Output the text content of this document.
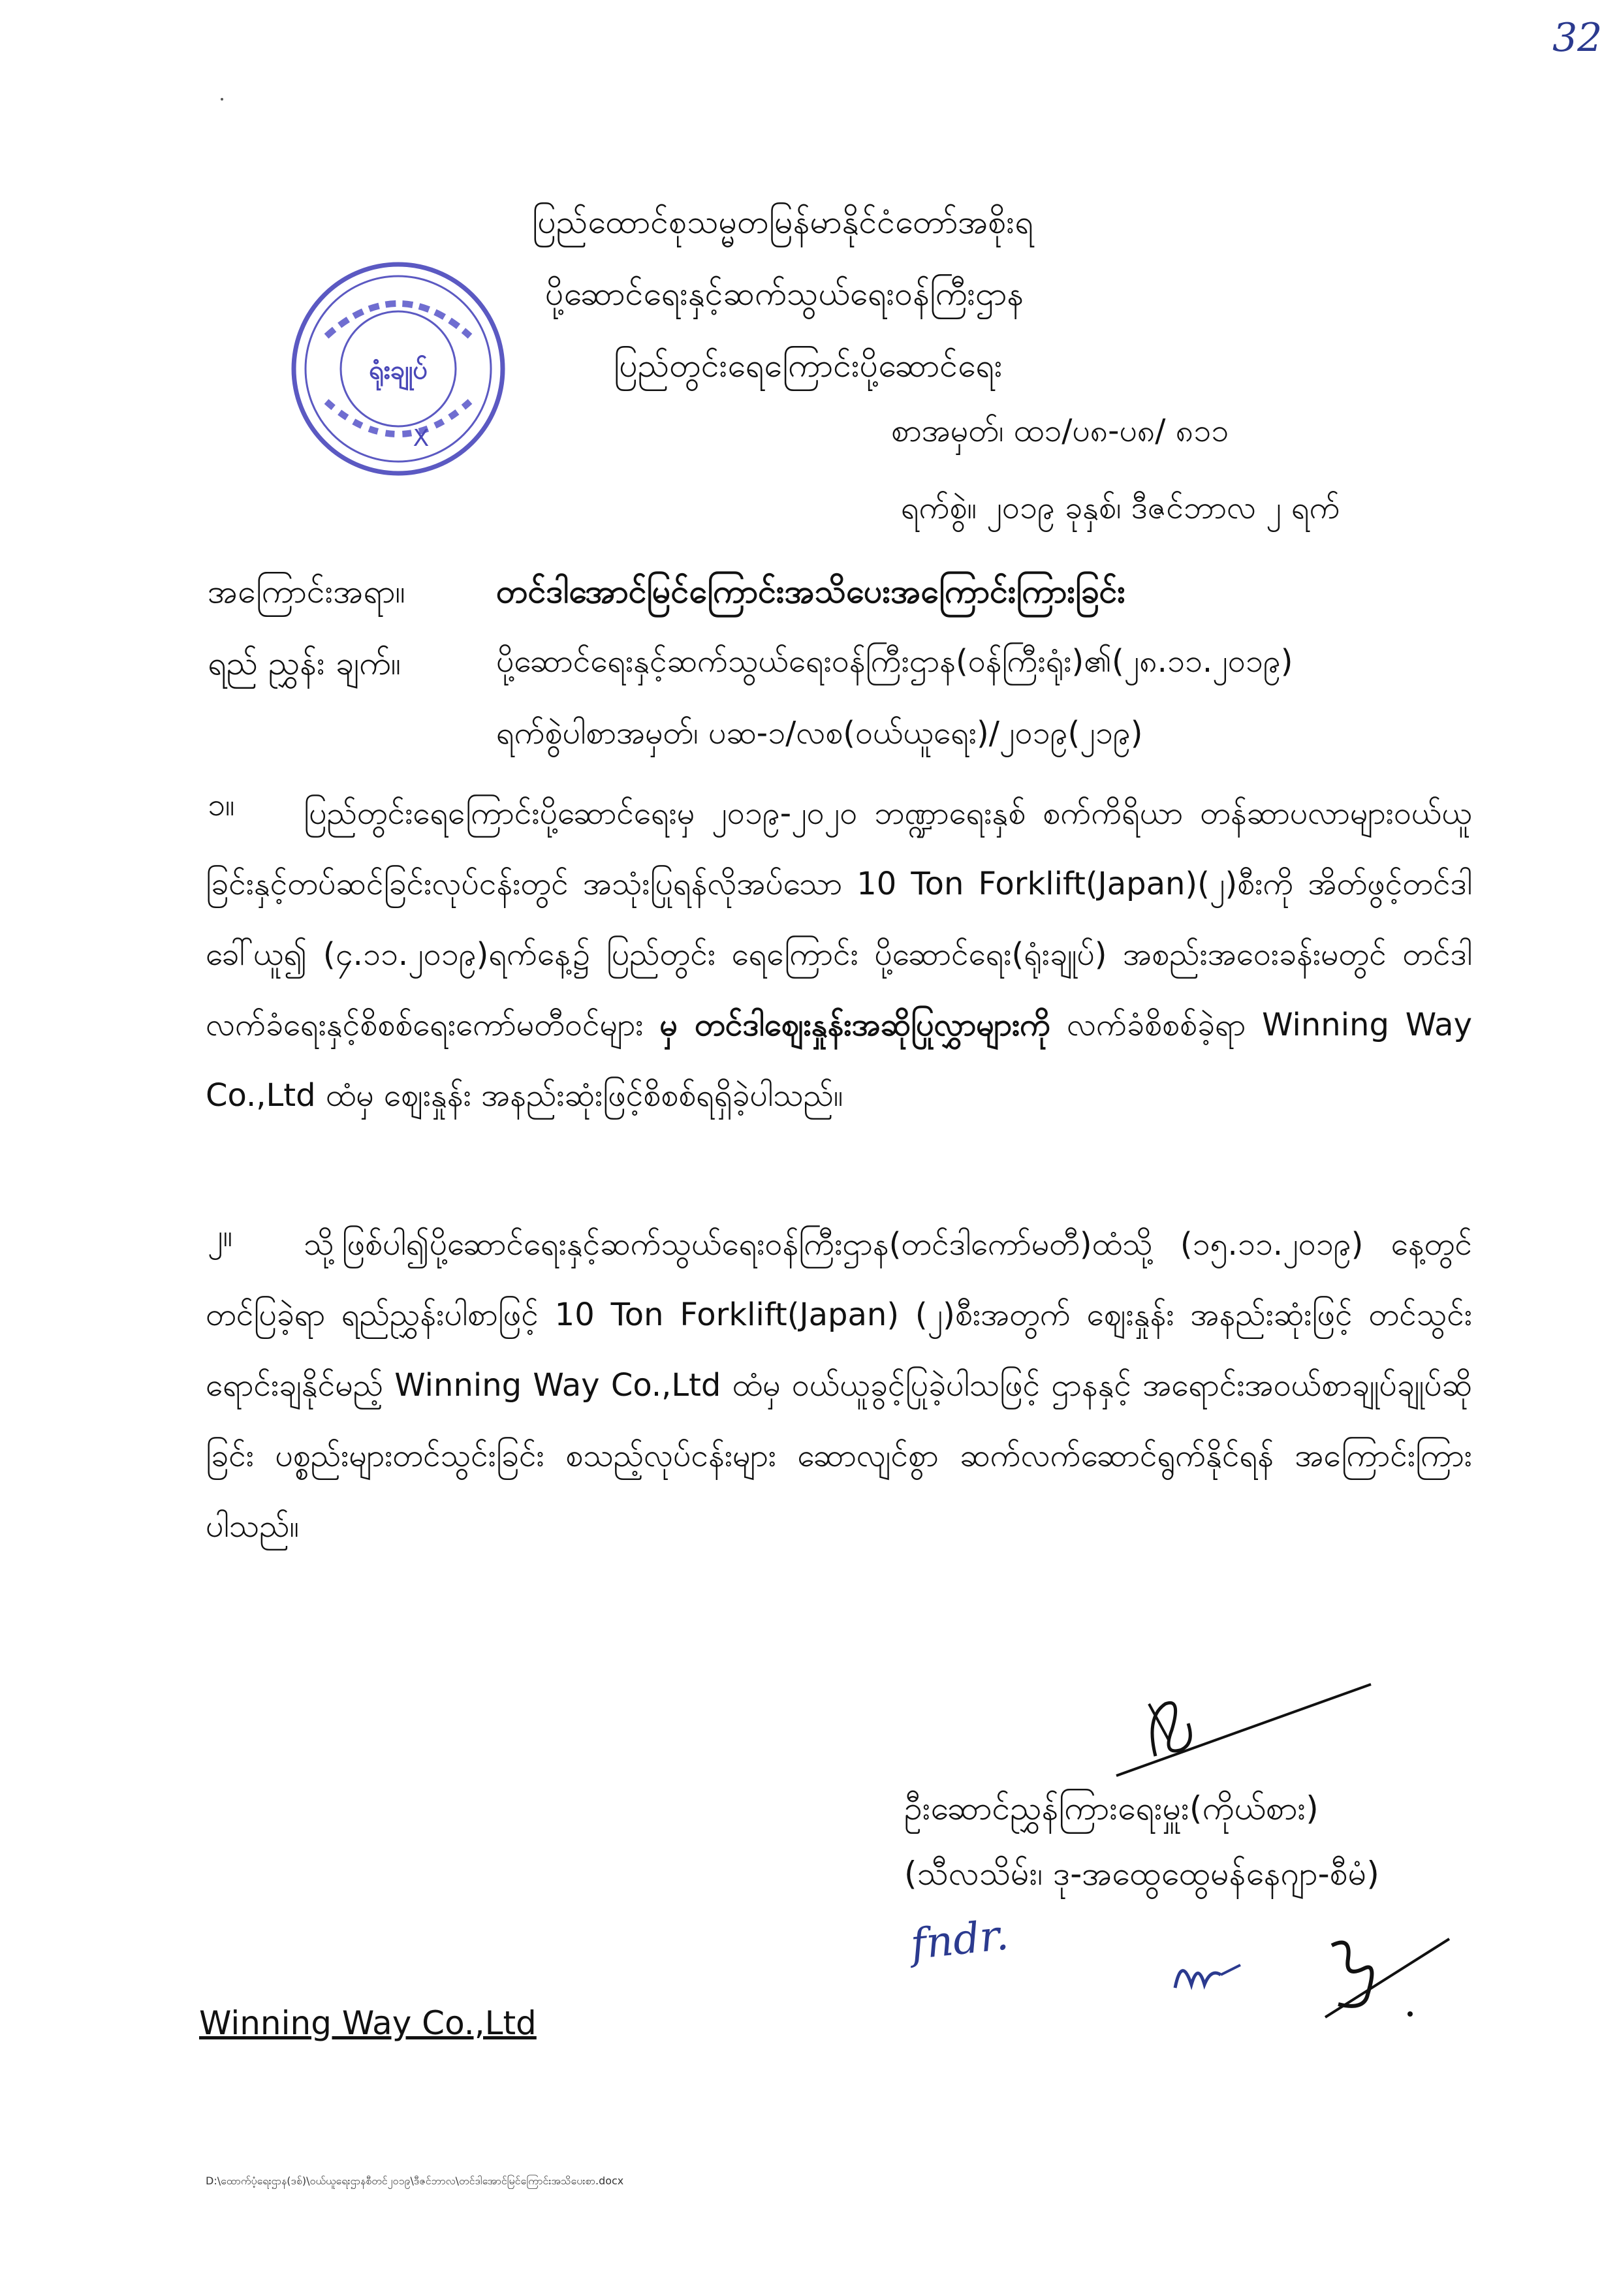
32
ပြည်ထောင်စုသမ္မတမြန်မာနိုင်ငံတော်အစိုးရ
ပို့ဆောင်ရေးနှင့်ဆက်သွယ်ရေးဝန်ကြီးဌာန
ပြည်တွင်းရေကြောင်းပို့ဆောင်ရေး
ရုံးချုပ်
X	စာအမှတ်၊ ထ၁/ပ၈-ပ၈/ ၈၁၁
ရက်စွဲ။ ၂၀၁၉ ခုနှစ်၊ ဒီဇင်ဘာလ ၂ ရက်
အကြောင်းအရာ။	တင်ဒါအောင်မြင်ကြောင်းအသိပေးအကြောင်းကြားခြင်း
ရည် ညွှန်း ချက်။	ပို့ဆောင်ရေးနှင့်ဆက်သွယ်ရေးဝန်ကြီးဌာန(ဝန်ကြီးရုံး)၏(၂၈.၁၁.၂၀၁၉)
ရက်စွဲပါစာအမှတ်၊ ပဆ-၁/လစ(ဝယ်ယူရေး)/၂၀၁၉(၂၁၉)
၁။	ပြည်တွင်းရေကြောင်းပို့ဆောင်ရေးမှ ၂၀၁၉-၂၀၂၀ ဘဏ္ဍာရေးနှစ် စက်ကိရိယာ တန်ဆာပလာများဝယ်ယူခြင်းနှင့်တပ်ဆင်ခြင်းလုပ်ငန်းတွင် အသုံးပြုရန်လိုအပ်သော 10 Ton Forklift(Japan)(၂)စီးကို အိတ်ဖွင့်တင်ဒါခေါ်ယူ၍ (၄.၁၁.၂၀၁၉)ရက်နေ့၌ ပြည်တွင်း ရေကြောင်း ပို့ဆောင်ရေး(ရုံးချုပ်) အစည်းအဝေးခန်းမတွင် တင်ဒါလက်ခံရေးနှင့်စိစစ်ရေးကော်မတီဝင်များ မှ တင်ဒါဈေးနှုန်းအဆိုပြုလွှာများကို လက်ခံစိစစ်ခဲ့ရာ Winning Way Co.,Ltd ထံမှ ဈေးနှုန်း အနည်းဆုံးဖြင့်စိစစ်ရရှိခဲ့ပါသည်။
၂။	သို့ဖြစ်ပါ၍ပို့ဆောင်ရေးနှင့်ဆက်သွယ်ရေးဝန်ကြီးဌာန(တင်ဒါကော်မတီ)ထံသို့ (၁၅.၁၁.၂၀၁၉) နေ့တွင်တင်ပြခဲ့ရာ ရည်ညွှန်းပါစာဖြင့် 10 Ton Forklift(Japan) (၂)စီးအတွက် ဈေးနှုန်း အနည်းဆုံးဖြင့် တင်သွင်းရောင်းချနိုင်မည့် Winning Way Co.,Ltd ထံမှ ဝယ်ယူခွင့်ပြုခဲ့ပါသဖြင့် ဌာနနှင့် အရောင်းအဝယ်စာချုပ်ချုပ်ဆိုခြင်း ပစ္စည်းများတင်သွင်းခြင်း စသည့်လုပ်ငန်းများ ဆောလျင်စွာ ဆက်လက်ဆောင်ရွက်နိုင်ရန် အကြောင်းကြားပါသည်။
ဦးဆောင်ညွှန်ကြားရေးမှူး(ကိုယ်စား)
(သီလသိမ်း၊ ဒု-အထွေထွေမန်နေဂျာ-စီမံ)
fndr.
Winning Way Co.,Ltd
D:\ထောက်ပံ့ရေးဌာန(ဒစ်)\ဝယ်ယူရေးဌာနစီတင်၂၀၁၉\ဒီဇင်ဘာလ\တင်ဒါအောင်မြင်ကြောင်းအသိပေးစာ.docx
